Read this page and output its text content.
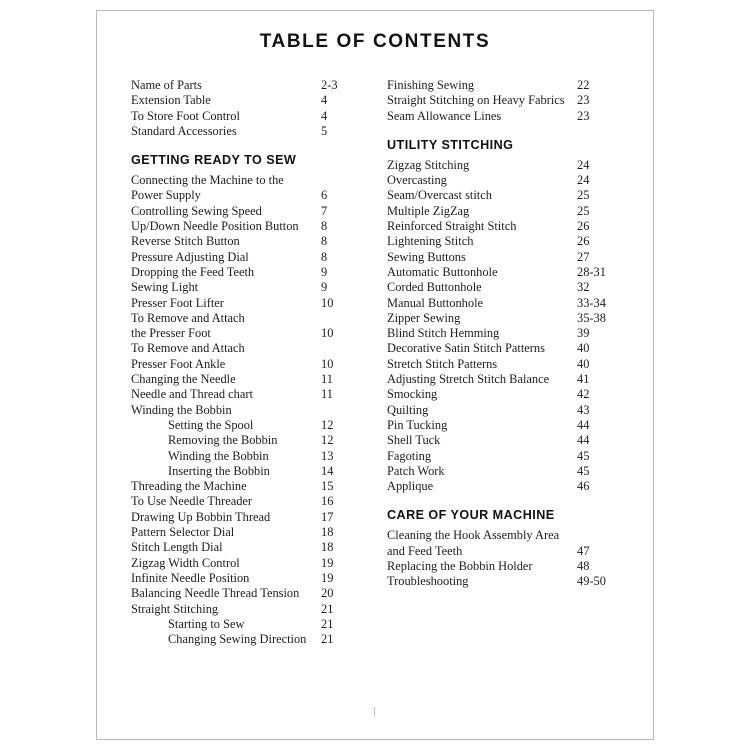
TABLE OF CONTENTS
Name of Parts	2-3
Extension Table	4
To Store Foot Control	4
Standard Accessories	5
GETTING READY TO SEW
Connecting the Machine to the
Power Supply	6
Controlling Sewing Speed	7
Up/Down Needle Position Button	8
Reverse Stitch Button	8
Pressure Adjusting Dial	8
Dropping the Feed Teeth	9
Sewing Light	9
Presser Foot Lifter	10
To Remove and Attach
the Presser Foot	10
To Remove and Attach
Presser Foot Ankle	10
Changing the Needle	11
Needle and Thread chart	11
Winding the Bobbin
Setting the Spool	12
Removing the Bobbin	12
Winding the Bobbin	13
Inserting the Bobbin	14
Threading the Machine	15
To Use Needle Threader	16
Drawing Up Bobbin Thread	17
Pattern Selector Dial	18
Stitch Length Dial	18
Zigzag Width Control	19
Infinite Needle Position	19
Balancing Needle Thread Tension	20
Straight Stitching	21
Starting to Sew	21
Changing Sewing Direction	21
Finishing Sewing	22
Straight Stitching on Heavy Fabrics	23
Seam Allowance Lines	23
UTILITY STITCHING
Zigzag Stitching	24
Overcasting	24
Seam/Overcast stitch	25
Multiple ZigZag	25
Reinforced Straight Stitch	26
Lightening Stitch	26
Sewing Buttons	27
Automatic Buttonhole	28-31
Corded Buttonhole	32
Manual Buttonhole	33-34
Zipper Sewing	35-38
Blind Stitch Hemming	39
Decorative Satin Stitch Patterns	40
Stretch Stitch Patterns	40
Adjusting Stretch Stitch Balance	41
Smocking	42
Quilting	43
Pin Tucking	44
Shell Tuck	44
Fagoting	45
Patch Work	45
Applique	46
CARE OF YOUR MACHINE
Cleaning the Hook Assembly Area
and Feed Teeth	47
Replacing the Bobbin Holder	48
Troubleshooting	49-50
|
